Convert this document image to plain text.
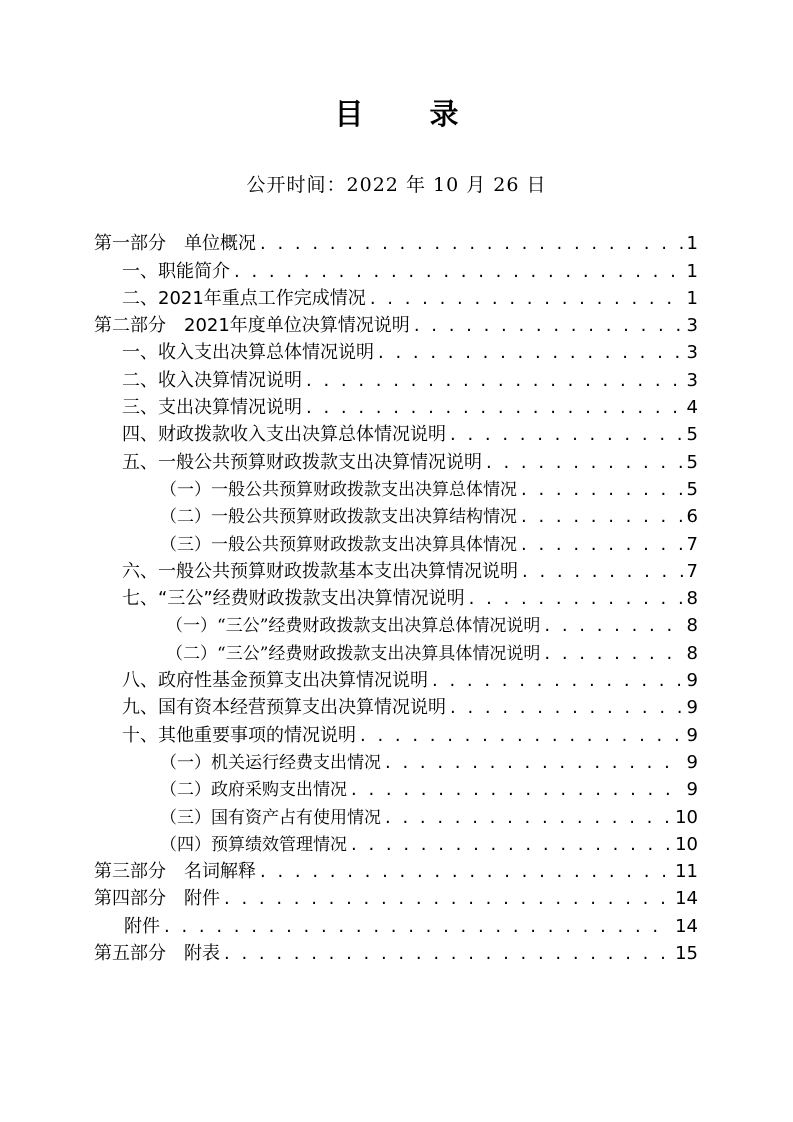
目 录
公开时间：2022 年 10 月 26 日
第一部分　单位概况 . . .	1
一、职能简介 . . .	1
二、2021年重点工作完成情况 . . .	1
第二部分　2021年度单位决算情况说明 . . .	3
一、收入支出决算总体情况说明 . . .	3
二、收入决算情况说明 . . .	3
三、支出决算情况说明 . . .	4
四、财政拨款收入支出决算总体情况说明 . . .	5
五、一般公共预算财政拨款支出决算情况说明 . . .	5
（一）一般公共预算财政拨款支出决算总体情况 . . .	5
（二）一般公共预算财政拨款支出决算结构情况 . . .	6
（三）一般公共预算财政拨款支出决算具体情况 . . .	7
六、一般公共预算财政拨款基本支出决算情况说明 . . .	7
七、“三公”经费财政拨款支出决算情况说明 . . .	8
（一）“三公”经费财政拨款支出决算总体情况说明 . . .	8
（二）“三公”经费财政拨款支出决算具体情况说明 . . .	8
八、政府性基金预算支出决算情况说明 . . .	9
九、国有资本经营预算支出决算情况说明 . . .	9
十、其他重要事项的情况说明 . . .	9
（一）机关运行经费支出情况 . . .	9
（二）政府采购支出情况 . . .	9
（三）国有资产占有使用情况 . . .	10
（四）预算绩效管理情况 . . .	10
第三部分　名词解释 . . .	11
第四部分　附件 . . .	14
附件 . . .	14
第五部分　附表 . . .	15
